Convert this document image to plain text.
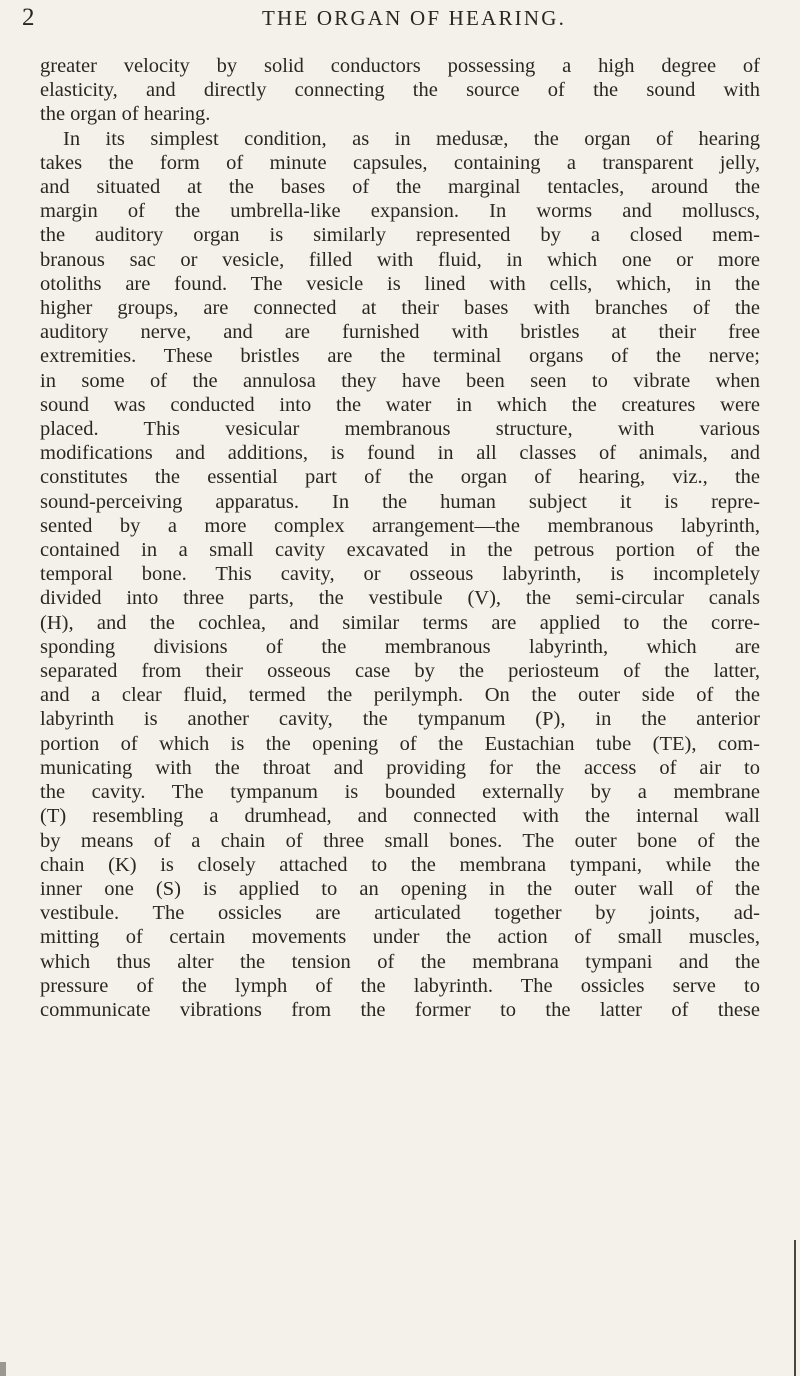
2	THE ORGAN OF HEARING.
greater velocity by solid conductors possessing a high degree of
elasticity, and directly connecting the source of the sound with
the organ of hearing.
In its simplest condition, as in medusæ, the organ of hearing
takes the form of minute capsules, containing a transparent jelly,
and situated at the bases of the marginal tentacles, around the
margin of the umbrella-like expansion. In worms and molluscs,
the auditory organ is similarly represented by a closed mem-
branous sac or vesicle, filled with fluid, in which one or more
otoliths are found. The vesicle is lined with cells, which, in the
higher groups, are connected at their bases with branches of the
auditory nerve, and are furnished with bristles at their free
extremities. These bristles are the terminal organs of the nerve;
in some of the annulosa they have been seen to vibrate when
sound was conducted into the water in which the creatures were
placed. This vesicular membranous structure, with various
modifications and additions, is found in all classes of animals, and
constitutes the essential part of the organ of hearing, viz., the
sound-perceiving apparatus. In the human subject it is repre-
sented by a more complex arrangement—the membranous labyrinth,
contained in a small cavity excavated in the petrous portion of the
temporal bone. This cavity, or osseous labyrinth, is incompletely
divided into three parts, the vestibule (V), the semi-circular canals
(H), and the cochlea, and similar terms are applied to the corre-
sponding divisions of the membranous labyrinth, which are
separated from their osseous case by the periosteum of the latter,
and a clear fluid, termed the perilymph. On the outer side of the
labyrinth is another cavity, the tympanum (P), in the anterior
portion of which is the opening of the Eustachian tube (TE), com-
municating with the throat and providing for the access of air to
the cavity. The tympanum is bounded externally by a membrane
(T) resembling a drumhead, and connected with the internal wall
by means of a chain of three small bones. The outer bone of the
chain (K) is closely attached to the membrana tympani, while the
inner one (S) is applied to an opening in the outer wall of the
vestibule. The ossicles are articulated together by joints, ad-
mitting of certain movements under the action of small muscles,
which thus alter the tension of the membrana tympani and the
pressure of the lymph of the labyrinth. The ossicles serve to
communicate vibrations from the former to the latter of these
